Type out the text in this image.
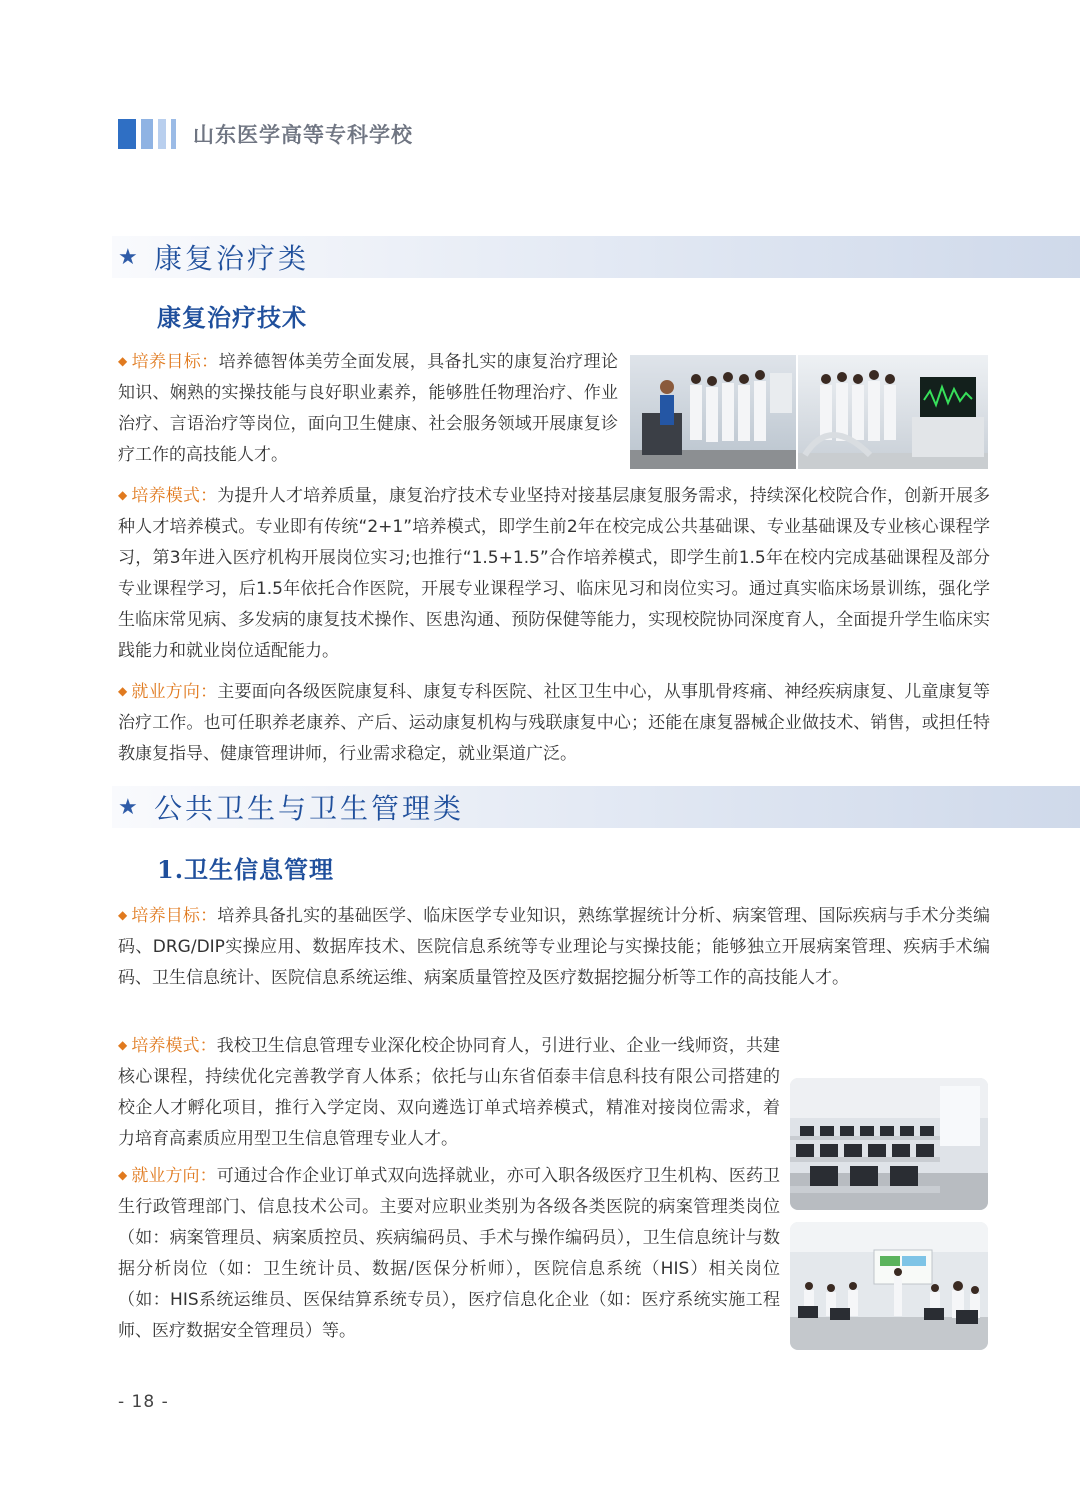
山东医学高等专科学校
★ 康复治疗类
康复治疗技术

◆ 培养目标：培养德智体美劳全面发展，具备扎实的康复治疗理论知识、娴熟的实操技能与良好职业素养，能够胜任物理治疗、作业治疗、言语治疗等岗位，面向卫生健康、社会服务领域开展康复诊疗工作的高技能人才。

◆ 培养模式：为提升人才培养质量，康复治疗技术专业坚持对接基层康复服务需求，持续深化校院合作，创新开展多种人才培养模式。专业即有传统“2+1”培养模式，即学生前2年在校完成公共基础课、专业基础课及专业核心课程学习，第3年进入医疗机构开展岗位实习;也推行“1.5+1.5”合作培养模式，即学生前1.5年在校内完成基础课程及部分专业课程学习，后1.5年依托合作医院，开展专业课程学习、临床见习和岗位实习。通过真实临床场景训练，强化学生临床常见病、多发病的康复技术操作、医患沟通、预防保健等能力，实现校院协同深度育人，全面提升学生临床实践能力和就业岗位适配能力。

◆ 就业方向：主要面向各级医院康复科、康复专科医院、社区卫生中心，从事肌骨疼痛、神经疾病康复、儿童康复等治疗工作。也可任职养老康养、产后、运动康复机构与残联康复中心；还能在康复器械企业做技术、销售，或担任特教康复指导、健康管理讲师，行业需求稳定，就业渠道广泛。

★ 公共卫生与卫生管理类
1.卫生信息管理

◆ 培养目标：培养具备扎实的基础医学、临床医学专业知识，熟练掌握统计分析、病案管理、国际疾病与手术分类编码、DRG/DIP实操应用、数据库技术、医院信息系统等专业理论与实操技能；能够独立开展病案管理、疾病手术编码、卫生信息统计、医院信息系统运维、病案质量管控及医疗数据挖掘分析等工作的高技能人才。

◆ 培养模式：我校卫生信息管理专业深化校企协同育人，引进行业、企业一线师资，共建核心课程，持续优化完善教学育人体系；依托与山东省佰泰丰信息科技有限公司搭建的校企人才孵化项目，推行入学定岗、双向遴选订单式培养模式，精准对接岗位需求，着力培育高素质应用型卫生信息管理专业人才。

◆ 就业方向：可通过合作企业订单式双向选择就业，亦可入职各级医疗卫生机构、医药卫生行政管理部门、信息技术公司。主要对应职业类别为各级各类医院的病案管理类岗位（如：病案管理员、病案质控员、疾病编码员、手术与操作编码员），卫生信息统计与数据分析岗位（如：卫生统计员、数据/医保分析师），医院信息系统（HIS）相关岗位（如：HIS系统运维员、医保结算系统专员），医疗信息化企业（如：医疗系统实施工程师、医疗数据安全管理员）等。

- 18 -
